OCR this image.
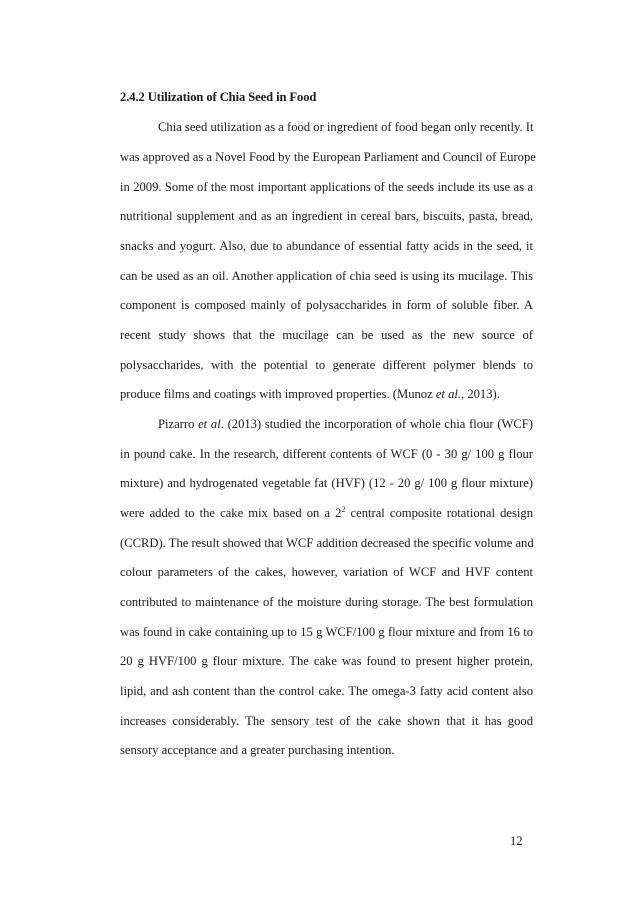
2.4.2 Utilization of Chia Seed in Food
Chia seed utilization as a food or ingredient of food began only recently. It
was approved as a Novel Food by the European Parliament and Council of Europe
in 2009. Some of the most important applications of the seeds include its use as a
nutritional supplement and as an ingredient in cereal bars, biscuits, pasta, bread,
snacks and yogurt. Also, due to abundance of essential fatty acids in the seed, it
can be used as an oil. Another application of chia seed is using its mucilage. This
component is composed mainly of polysaccharides in form of soluble fiber. A
recent study shows that the mucilage can be used as the new source of
polysaccharides, with the potential to generate different polymer blends to
produce films and coatings with improved properties. (Munoz et al., 2013).
Pizarro et al. (2013) studied the incorporation of whole chia flour (WCF)
in pound cake. In the research, different contents of WCF (0 - 30 g/ 100 g flour
mixture) and hydrogenated vegetable fat (HVF) (12 - 20 g/ 100 g flour mixture)
were added to the cake mix based on a $2^2$ central composite rotational design
(CCRD). The result showed that WCF addition decreased the specific volume and
colour parameters of the cakes, however, variation of WCF and HVF content
contributed to maintenance of the moisture during storage. The best formulation
was found in cake containing up to 15 g WCF/100 g flour mixture and from 16 to
20 g HVF/100 g flour mixture. The cake was found to present higher protein,
lipid, and ash content than the control cake. The omega-3 fatty acid content also
increases considerably. The sensory test of the cake shown that it has good
sensory acceptance and a greater purchasing intention.
12
